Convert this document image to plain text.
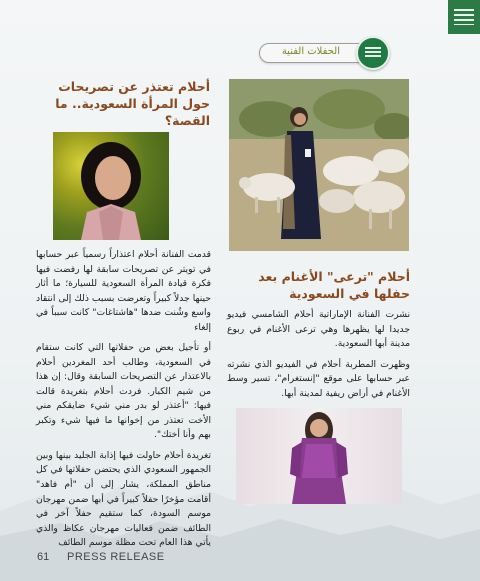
الحفلات الفنية
أحلام "ترعى" الأغنام بعد حفلها في السعودية

نشرت الفنانة الإماراتية أحلام الشامسي فيديو جديدا لها يظهرها وهي ترعى الأغنام في ربوع مدينة أبها السعودية.

وظهرت المطربة أحلام في الفيديو الذي نشرته عبر حسابها على موقع "إنستغرام"، تسير وسط الأغنام في أراض ريفية لمدينة أبها.

أحلام تعتذر عن تصريحات حول المرأة السعودية.. ما القصة؟

قدمت الفنانة أحلام اعتذاراً رسمياً عبر حسابها في تويتر عن تصريحات سابقة لها رفضت فيها فكرة قيادة المرأة السعودية للسيارة؛ ما أثار حينها جدلاً كبيراً وتعرضت بسبب ذلك إلى انتقاد واسع وشُنت ضدها "هاشتاغات" كانت سبباً في إلغاء

أو تأجيل بعض من حفلاتها التي كانت ستقام في السعودية، وطالب أحد المغردين أحلام بالاعتذار عن التصريحات السابقة وقال: إن هذا من شيم الكبار. فردت أحلام بتغريدة قالت فيها: "أعتذر لو بدر مني شيء ضايقكم مني الأخت تعتذر من إخوانها ما فيها شيء وتكبر بهم وأنا أختك".

تغريدة أحلام حاولت فيها إذابة الجليد بينها وبين الجمهور السعودي الذي يحتضن حفلاتها في كل مناطق المملكة، يشار إلى أن "أم فاهد" أقامت مؤخرًا حفلاً كبيراً في أبها ضمن مهرجان موسم السودة، كما ستقيم حفلاً آخر في الطائف ضمن فعاليات مهرجان عكاظ والذي يأتي هذا العام تحت مظلة موسم الطائف

61 PRESS RELEASE
